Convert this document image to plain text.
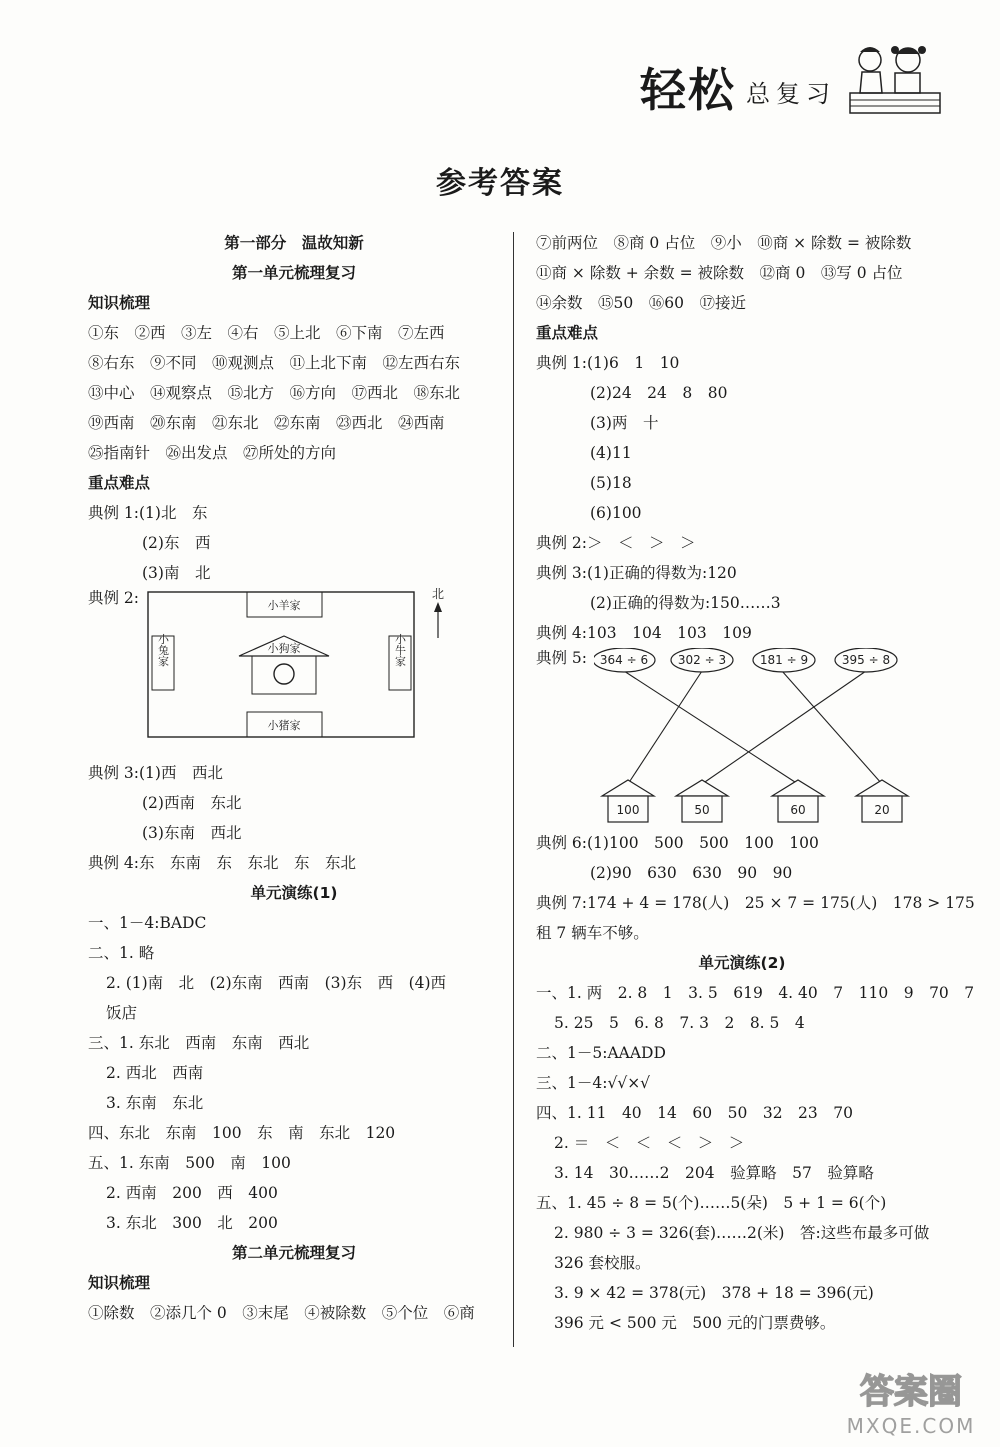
轻松 总复习
参考答案
第一部分　温故知新
第一单元梳理复习
知识梳理
①东　②西　③左　④右　⑤上北　⑥下南　⑦左西
⑧右东　⑨不同　⑩观测点　⑪上北下南　⑫左西右东
⑬中心　⑭观察点　⑮北方　⑯方向　⑰西北　⑱东北
⑲西南　⑳东南　㉑东北　㉒东南　㉓西北　㉔西南
㉕指南针　㉖出发点　㉗所处的方向
重点难点
典例 1:(1)北　东
(2)东　西
(3)南　北
典例 2:	小羊家
小猪家
小兔家	小牛家
小狗家
北
典例 3:(1)西　西北
(2)西南　东北
(3)东南　西北
典例 4:东　东南　东　东北　东　东北
单元演练(1)
一、1－4:BADC
二、1. 略
2. (1)南　北　(2)东南　西南　(3)东　西　(4)西
饭店
三、1. 东北　西南　东南　西北
2. 西北　西南
3. 东南　东北
四、东北　东南　100　东　南　东北　120
五、1. 东南　500　南　100
2. 西南　200　西　400
3. 东北　300　北　200
第二单元梳理复习
知识梳理
①除数　②添几个 0　③末尾　④被除数　⑤个位　⑥商
⑦前两位　⑧商 0 占位　⑨小　⑩商 × 除数 = 被除数
⑪商 × 除数 + 余数 = 被除数　⑫商 0　⑬写 0 占位
⑭余数　⑮50　⑯60　⑰接近
重点难点
典例 1:(1)6　1　10
(2)24　24　8　80
(3)两　十
(4)11
(5)18
(6)100
典例 2:＞　＜　＞　＞
典例 3:(1)正确的得数为:120
(2)正确的得数为:150……3
典例 4:103　104　103　109
典例 5:	364 ÷ 6 302 ÷ 3	181 ÷ 9	395 ÷ 8
100	50	60	20
典例 6:(1)100　500　500　100　100
(2)90　630　630　90　90
典例 7:174 + 4 = 178(人)　25 × 7 = 175(人)　178 > 175
租 7 辆车不够。
单元演练(2)
一、1. 两　2. 8　1　3. 5　619　4. 40　7　110　9　70　7
5. 25　5　6. 8　7. 3　2　8. 5　4
二、1－5:AAADD
三、1－4:√√×√
四、1. 11　40　14　60　50　32　23　70
2. ＝　＜　＜　＜　＞　＞
3. 14　30……2　204　验算略　57　验算略
五、1. 45 ÷ 8 = 5(个)……5(朵)　5 + 1 = 6(个)
2. 980 ÷ 3 = 326(套)……2(米)　答:这些布最多可做
326 套校服。
3. 9 × 42 = 378(元)　378 + 18 = 396(元)
396 元 < 500 元　500 元的门票费够。
答案圈
MXQE.COM
